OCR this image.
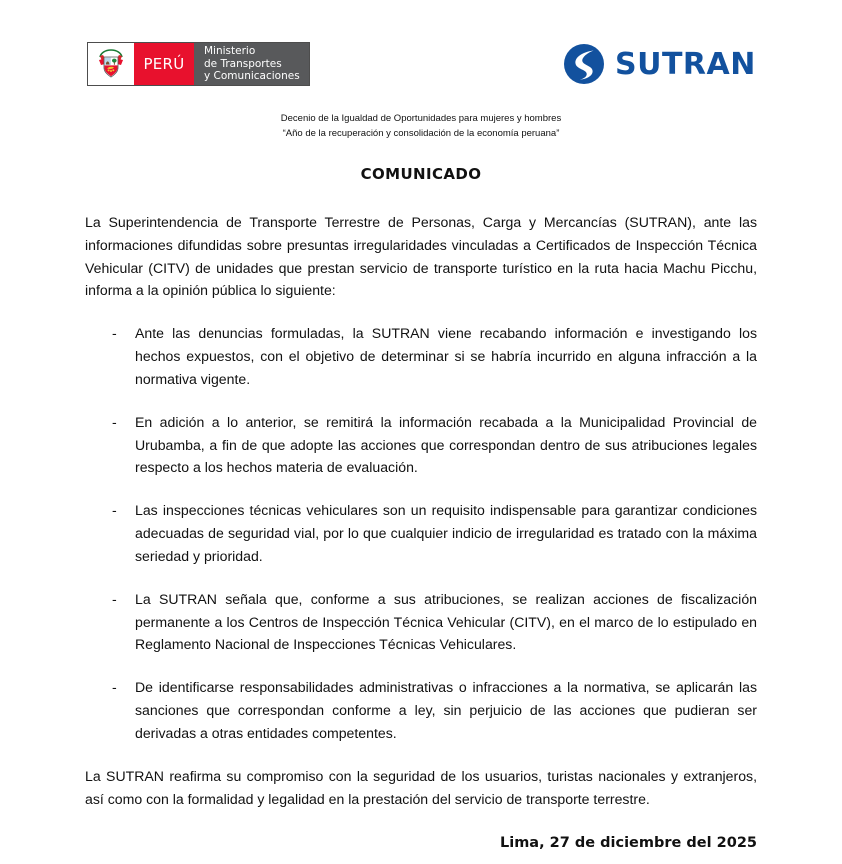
PERÚ
Ministerio
de Transportes
y Comunicaciones	SUTRAN
Decenio de la Igualdad de Oportunidades para mujeres y hombres
“Año de la recuperación y consolidación de la economía peruana”
COMUNICADO

La Superintendencia de Transporte Terrestre de Personas, Carga y Mercancías (SUTRAN), ante las informaciones difundidas sobre presuntas irregularidades vinculadas a Certificados de Inspección Técnica Vehicular (CITV) de unidades que prestan servicio de transporte turístico en la ruta hacia Machu Picchu, informa a la opinión pública lo siguiente:

- Ante las denuncias formuladas, la SUTRAN viene recabando información e investigando los hechos expuestos, con el objetivo de determinar si se habría incurrido en alguna infracción a la normativa vigente.
- En adición a lo anterior, se remitirá la información recabada a la Municipalidad Provincial de Urubamba, a fin de que adopte las acciones que correspondan dentro de sus atribuciones legales respecto a los hechos materia de evaluación.
- Las inspecciones técnicas vehiculares son un requisito indispensable para garantizar condiciones adecuadas de seguridad vial, por lo que cualquier indicio de irregularidad es tratado con la máxima seriedad y prioridad.
- La SUTRAN señala que, conforme a sus atribuciones, se realizan acciones de fiscalización permanente a los Centros de Inspección Técnica Vehicular (CITV), en el marco de lo estipulado en Reglamento Nacional de Inspecciones Técnicas Vehiculares.
- De identificarse responsabilidades administrativas o infracciones a la normativa, se aplicarán las sanciones que correspondan conforme a ley, sin perjuicio de las acciones que pudieran ser derivadas a otras entidades competentes.

La SUTRAN reafirma su compromiso con la seguridad de los usuarios, turistas nacionales y extranjeros, así como con la formalidad y legalidad en la prestación del servicio de transporte terrestre.

Lima, 27 de diciembre del 2025
